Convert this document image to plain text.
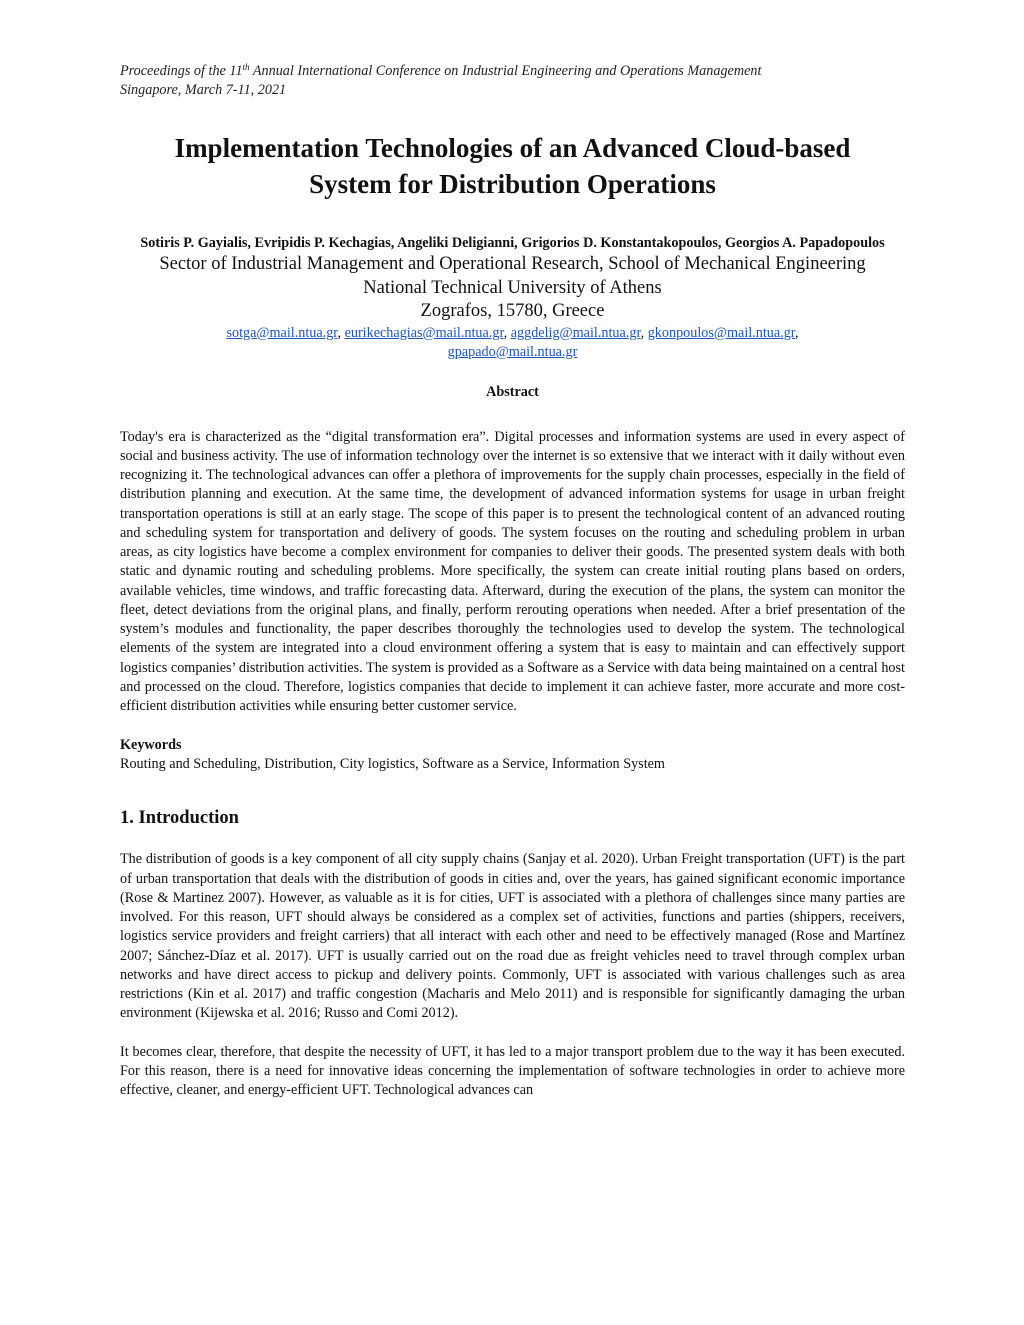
Proceedings of the 11th Annual International Conference on Industrial Engineering and Operations Management
Singapore, March 7-11, 2021
Implementation Technologies of an Advanced Cloud-based
System for Distribution Operations
Sotiris P. Gayialis, Evripidis P. Kechagias, Angeliki Deligianni, Grigorios D. Konstantakopoulos, Georgios A. Papadopoulos
Sector of Industrial Management and Operational Research, School of Mechanical Engineering
National Technical University of Athens
Zografos, 15780, Greece
sotga@mail.ntua.gr, eurikechagias@mail.ntua.gr, aggdelig@mail.ntua.gr, gkonpoulos@mail.ntua.gr,
gpapado@mail.ntua.gr
Abstract
Today's era is characterized as the “digital transformation era”. Digital processes and information systems are used in every aspect of social and business activity. The use of information technology over the internet is so extensive that we interact with it daily without even recognizing it. The technological advances can offer a plethora of improvements for the supply chain processes, especially in the field of distribution planning and execution. At the same time, the development of advanced information systems for usage in urban freight transportation operations is still at an early stage. The scope of this paper is to present the technological content of an advanced routing and scheduling system for transportation and delivery of goods. The system focuses on the routing and scheduling problem in urban areas, as city logistics have become a complex environment for companies to deliver their goods. The presented system deals with both static and dynamic routing and scheduling problems. More specifically, the system can create initial routing plans based on orders, available vehicles, time windows, and traffic forecasting data. Afterward, during the execution of the plans, the system can monitor the fleet, detect deviations from the original plans, and finally, perform rerouting operations when needed. After a brief presentation of the system’s modules and functionality, the paper describes thoroughly the technologies used to develop the system. The technological elements of the system are integrated into a cloud environment offering a system that is easy to maintain and can effectively support logistics companies’ distribution activities. The system is provided as a Software as a Service with data being maintained on a central host and processed on the cloud. Therefore, logistics companies that decide to implement it can achieve faster, more accurate and more cost-efficient distribution activities while ensuring better customer service.
Keywords
Routing and Scheduling, Distribution, City logistics, Software as a Service, Information System
1. Introduction
The distribution of goods is a key component of all city supply chains (Sanjay et al. 2020). Urban Freight transportation (UFT) is the part of urban transportation that deals with the distribution of goods in cities and, over the years, has gained significant economic importance (Rose & Martinez 2007). However, as valuable as it is for cities, UFT is associated with a plethora of challenges since many parties are involved. For this reason, UFT should always be considered as a complex set of activities, functions and parties (shippers, receivers, logistics service providers and freight carriers) that all interact with each other and need to be effectively managed (Rose and Martínez 2007; Sánchez-Díaz et al. 2017). UFT is usually carried out on the road due as freight vehicles need to travel through complex urban networks and have direct access to pickup and delivery points. Commonly, UFT is associated with various challenges such as area restrictions (Kin et al. 2017) and traffic congestion (Macharis and Melo 2011) and is responsible for significantly damaging the urban environment (Kijewska et al. 2016; Russo and Comi 2012).
It becomes clear, therefore, that despite the necessity of UFT, it has led to a major transport problem due to the way it has been executed. For this reason, there is a need for innovative ideas concerning the implementation of software technologies in order to achieve more effective, cleaner, and energy-efficient UFT. Technological advances can
